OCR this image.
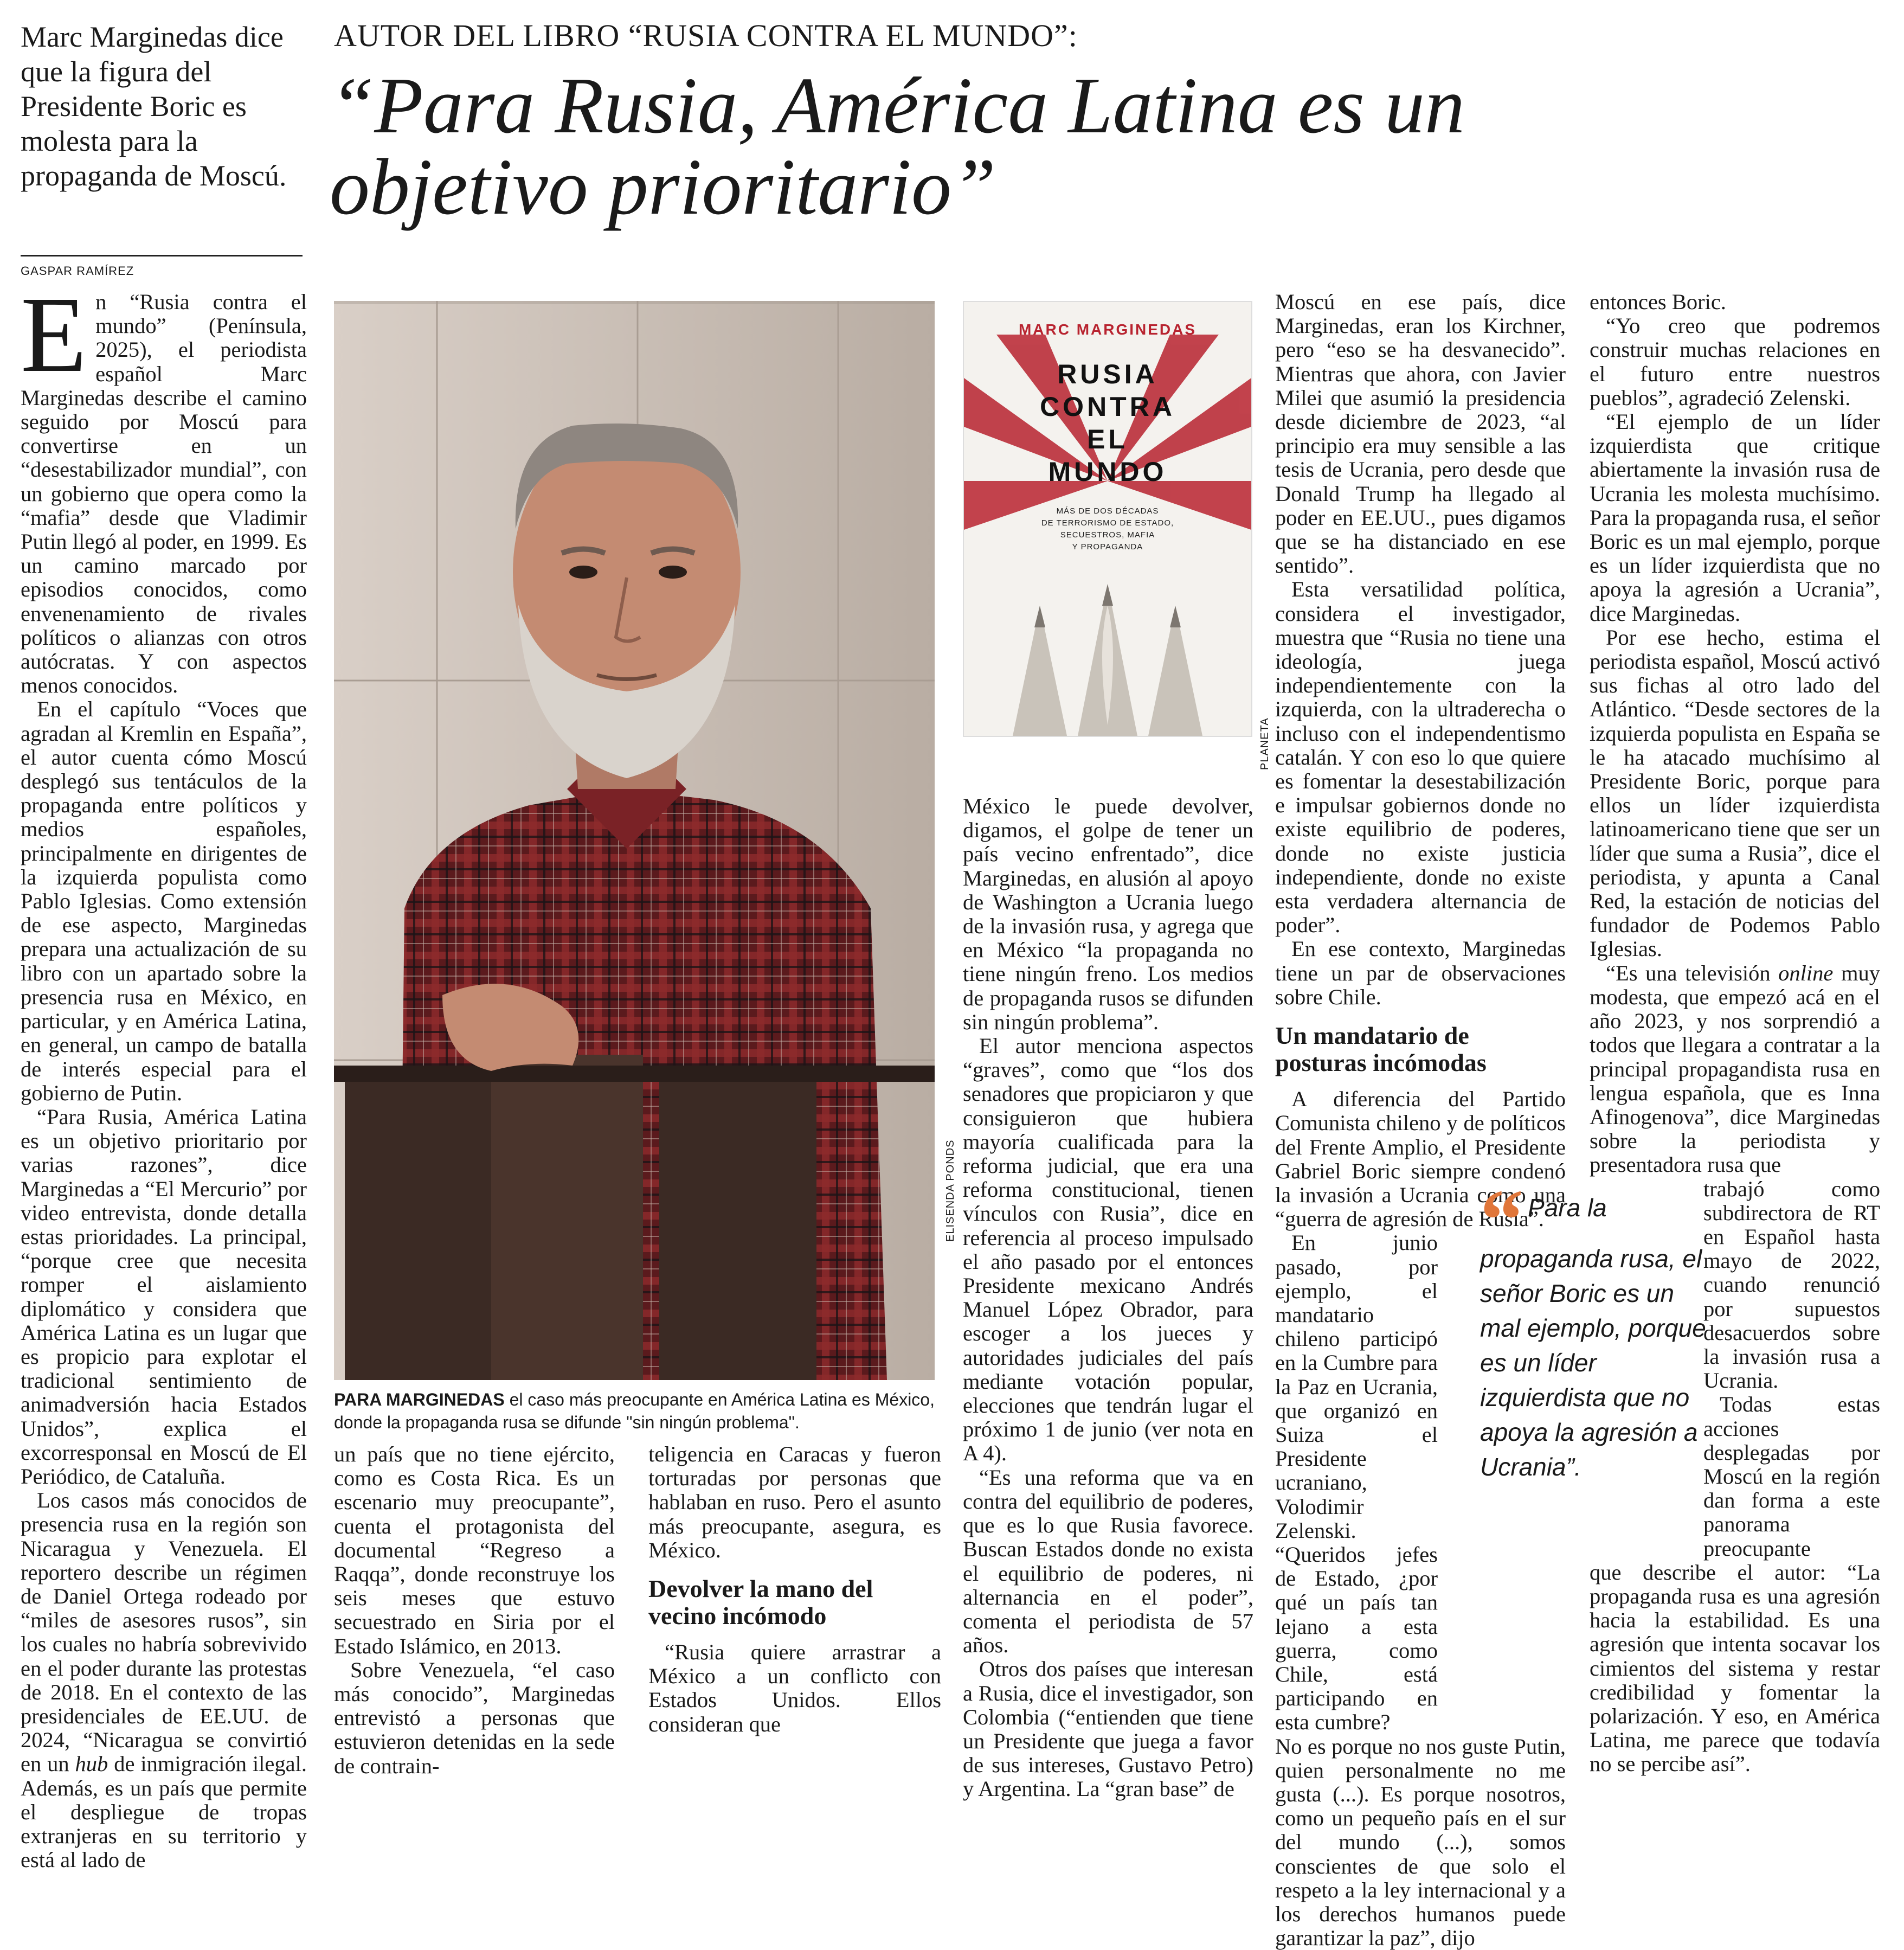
Marc Marginedas dice que la figura del Presidente Boric es molesta para la propaganda de Moscú.
GASPAR RAMÍREZ
AUTOR DEL LIBRO “RUSIA CONTRA EL MUNDO”:
“Para Rusia, América Latina es un objetivo prioritario”

En “Rusia contra el mundo” (Península, 2025), el periodista español Marc Marginedas describe el camino seguido por Moscú para convertirse en un “desestabilizador mundial”, con un gobierno que opera como la “mafia” desde que Vladimir Putin llegó al poder, en 1999. Es un camino marcado por episodios conocidos, como envenenamiento de rivales políticos o alianzas con otros autócratas. Y con aspectos menos conocidos.

En el capítulo “Voces que agradan al Kremlin en España”, el autor cuenta cómo Moscú desplegó sus tentáculos de la propaganda entre políticos y medios españoles, principalmente en dirigentes de la izquierda populista como Pablo Iglesias. Como extensión de ese aspecto, Marginedas prepara una actualización de su libro con un apartado sobre la presencia rusa en México, en particular, y en América Latina, en general, un campo de batalla de interés especial para el gobierno de Putin.

“Para Rusia, América Latina es un objetivo prioritario por varias razones”, dice Marginedas a “El Mercurio” por video entrevista, donde detalla estas prioridades. La principal, “porque cree que necesita romper el aislamiento diplomático y considera que América Latina es un lugar que es propicio para explotar el tradicional sentimiento de animadversión hacia Estados Unidos”, explica el excorresponsal en Moscú de El Periódico, de Cataluña.

Los casos más conocidos de presencia rusa en la región son Nicaragua y Venezuela. El reportero describe un régimen de Daniel Ortega rodeado por “miles de asesores rusos”, sin los cuales no habría sobrevivido en el poder durante las protestas de 2018. En el contexto de las presidenciales de EE.UU. de 2024, “Nicaragua se convirtió en un hub de inmigración ilegal. Además, es un país que permite el despliegue de tropas extranjeras en su territorio y está al lado de

ELISENDA PONDS
PARA MARGINEDAS el caso más preocupante en América Latina es México, donde la propaganda rusa se difunde "sin ningún problema".
MARC MARGINEDAS
RUSIA
CONTRA
EL
MUNDO
MÁS DE DOS DÉCADAS
DE TERRORISMO DE ESTADO,
SECUESTROS, MAFIA
Y PROPAGANDA
PLANETA

un país que no tiene ejército, como es Costa Rica. Es un escenario muy preocupante”, cuenta el protagonista del documental “Regreso a Raqqa”, donde reconstruye los seis meses que estuvo secuestrado en Siria por el Estado Islámico, en 2013.

Sobre Venezuela, “el caso más conocido”, Marginedas entrevistó a personas que estuvieron detenidas en la sede de contrain-

teligencia en Caracas y fueron torturadas por personas que hablaban en ruso. Pero el asunto más preocupante, asegura, es México.

Devolver la mano del vecino incómodo

“Rusia quiere arrastrar a México a un conflicto con Estados Unidos. Ellos consideran que

México le puede devolver, digamos, el golpe de tener un país vecino enfrentado”, dice Marginedas, en alusión al apoyo de Washington a Ucrania luego de la invasión rusa, y agrega que en México “la propaganda no tiene ningún freno. Los medios de propaganda rusos se difunden sin ningún problema”.

El autor menciona aspectos “graves”, como que “los dos senadores que propiciaron y que consiguieron que hubiera mayoría cualificada para la reforma judicial, que era una reforma constitucional, tienen vínculos con Rusia”, dice en referencia al proceso impulsado el año pasado por el entonces Presidente mexicano Andrés Manuel López Obrador, para escoger a los jueces y autoridades judiciales del país mediante votación popular, elecciones que tendrán lugar el próximo 1 de junio (ver nota en A 4).

“Es una reforma que va en contra del equilibrio de poderes, que es lo que Rusia favorece. Buscan Estados donde no exista el equilibrio de poderes, ni alternancia en el poder”, comenta el periodista de 57 años.

Otros dos países que interesan a Rusia, dice el investigador, son Colombia (“entienden que tiene un Presidente que juega a favor de sus intereses, Gustavo Petro) y Argentina. La “gran base” de

Moscú en ese país, dice Marginedas, eran los Kirchner, pero “eso se ha desvanecido”. Mientras que ahora, con Javier Milei que asumió la presidencia desde diciembre de 2023, “al principio era muy sensible a las tesis de Ucrania, pero desde que Donald Trump ha llegado al poder en EE.UU., pues digamos que se ha distanciado en ese sentido”.

Esta versatilidad política, considera el investigador, muestra que “Rusia no tiene una ideología, juega independientemente con la izquierda, con la ultraderecha o incluso con el independentismo catalán. Y con eso lo que quiere es fomentar la desestabilización e impulsar gobiernos donde no existe equilibrio de poderes, donde no existe justicia independiente, donde no existe esta verdadera alternancia de poder”.

En ese contexto, Marginedas tiene un par de observaciones sobre Chile.

Un mandatario de posturas incómodas

A diferencia del Partido Comunista chileno y de políticos del Frente Amplio, el Presidente Gabriel Boric siempre condenó la invasión a Ucrania como una “guerra de agresión de Rusia”.

En junio pasado, por ejemplo, el mandatario chileno participó en la Cumbre para la Paz en Ucrania, que organizó en Suiza el Presidente ucraniano, Volodimir Zelenski. “Queridos jefes de Estado, ¿por qué un país tan lejano a esta guerra, como Chile, está participando en esta cumbre?

No es porque no nos guste Putin, quien personalmente no me gusta (...). Es porque nosotros, como un pequeño país en el sur del mundo (...), somos conscientes de que solo el respeto a la ley internacional y a los derechos humanos puede garantizar la paz”, dijo

“ Para la propaganda rusa, el señor Boric es un mal ejemplo, porque es un líder izquierdista que no apoya la agresión a Ucrania”.

entonces Boric.

“Yo creo que podremos construir muchas relaciones en el futuro entre nuestros pueblos”, agradeció Zelenski.

“El ejemplo de un líder izquierdista que critique abiertamente la invasión rusa de Ucrania les molesta muchísimo. Para la propaganda rusa, el señor Boric es un mal ejemplo, porque es un líder izquierdista que no apoya la agresión a Ucrania”, dice Marginedas.

Por ese hecho, estima el periodista español, Moscú activó sus fichas al otro lado del Atlántico. “Desde sectores de la izquierda populista en España se le ha atacado muchísimo al Presidente Boric, porque para ellos un líder izquierdista latinoamericano tiene que ser un líder que suma a Rusia”, dice el periodista, y apunta a Canal Red, la estación de noticias del fundador de Podemos Pablo Iglesias.

“Es una televisión online muy modesta, que empezó acá en el año 2023, y nos sorprendió a todos que llegara a contratar a la principal propagandista rusa en lengua española, que es Inna Afinogenova”, dice Marginedas sobre la periodista y presentadora rusa que

trabajó como subdirectora de RT en Español hasta mayo de 2022, cuando renunció por supuestos desacuerdos sobre la invasión rusa a Ucrania.

Todas estas acciones desplegadas por Moscú en la región dan forma a este panorama preocupante

que describe el autor: “La propaganda rusa es una agresión hacia la estabilidad. Es una agresión que intenta socavar los cimientos del sistema y restar credibilidad y fomentar la polarización. Y eso, en América Latina, me parece que todavía no se percibe así”.
